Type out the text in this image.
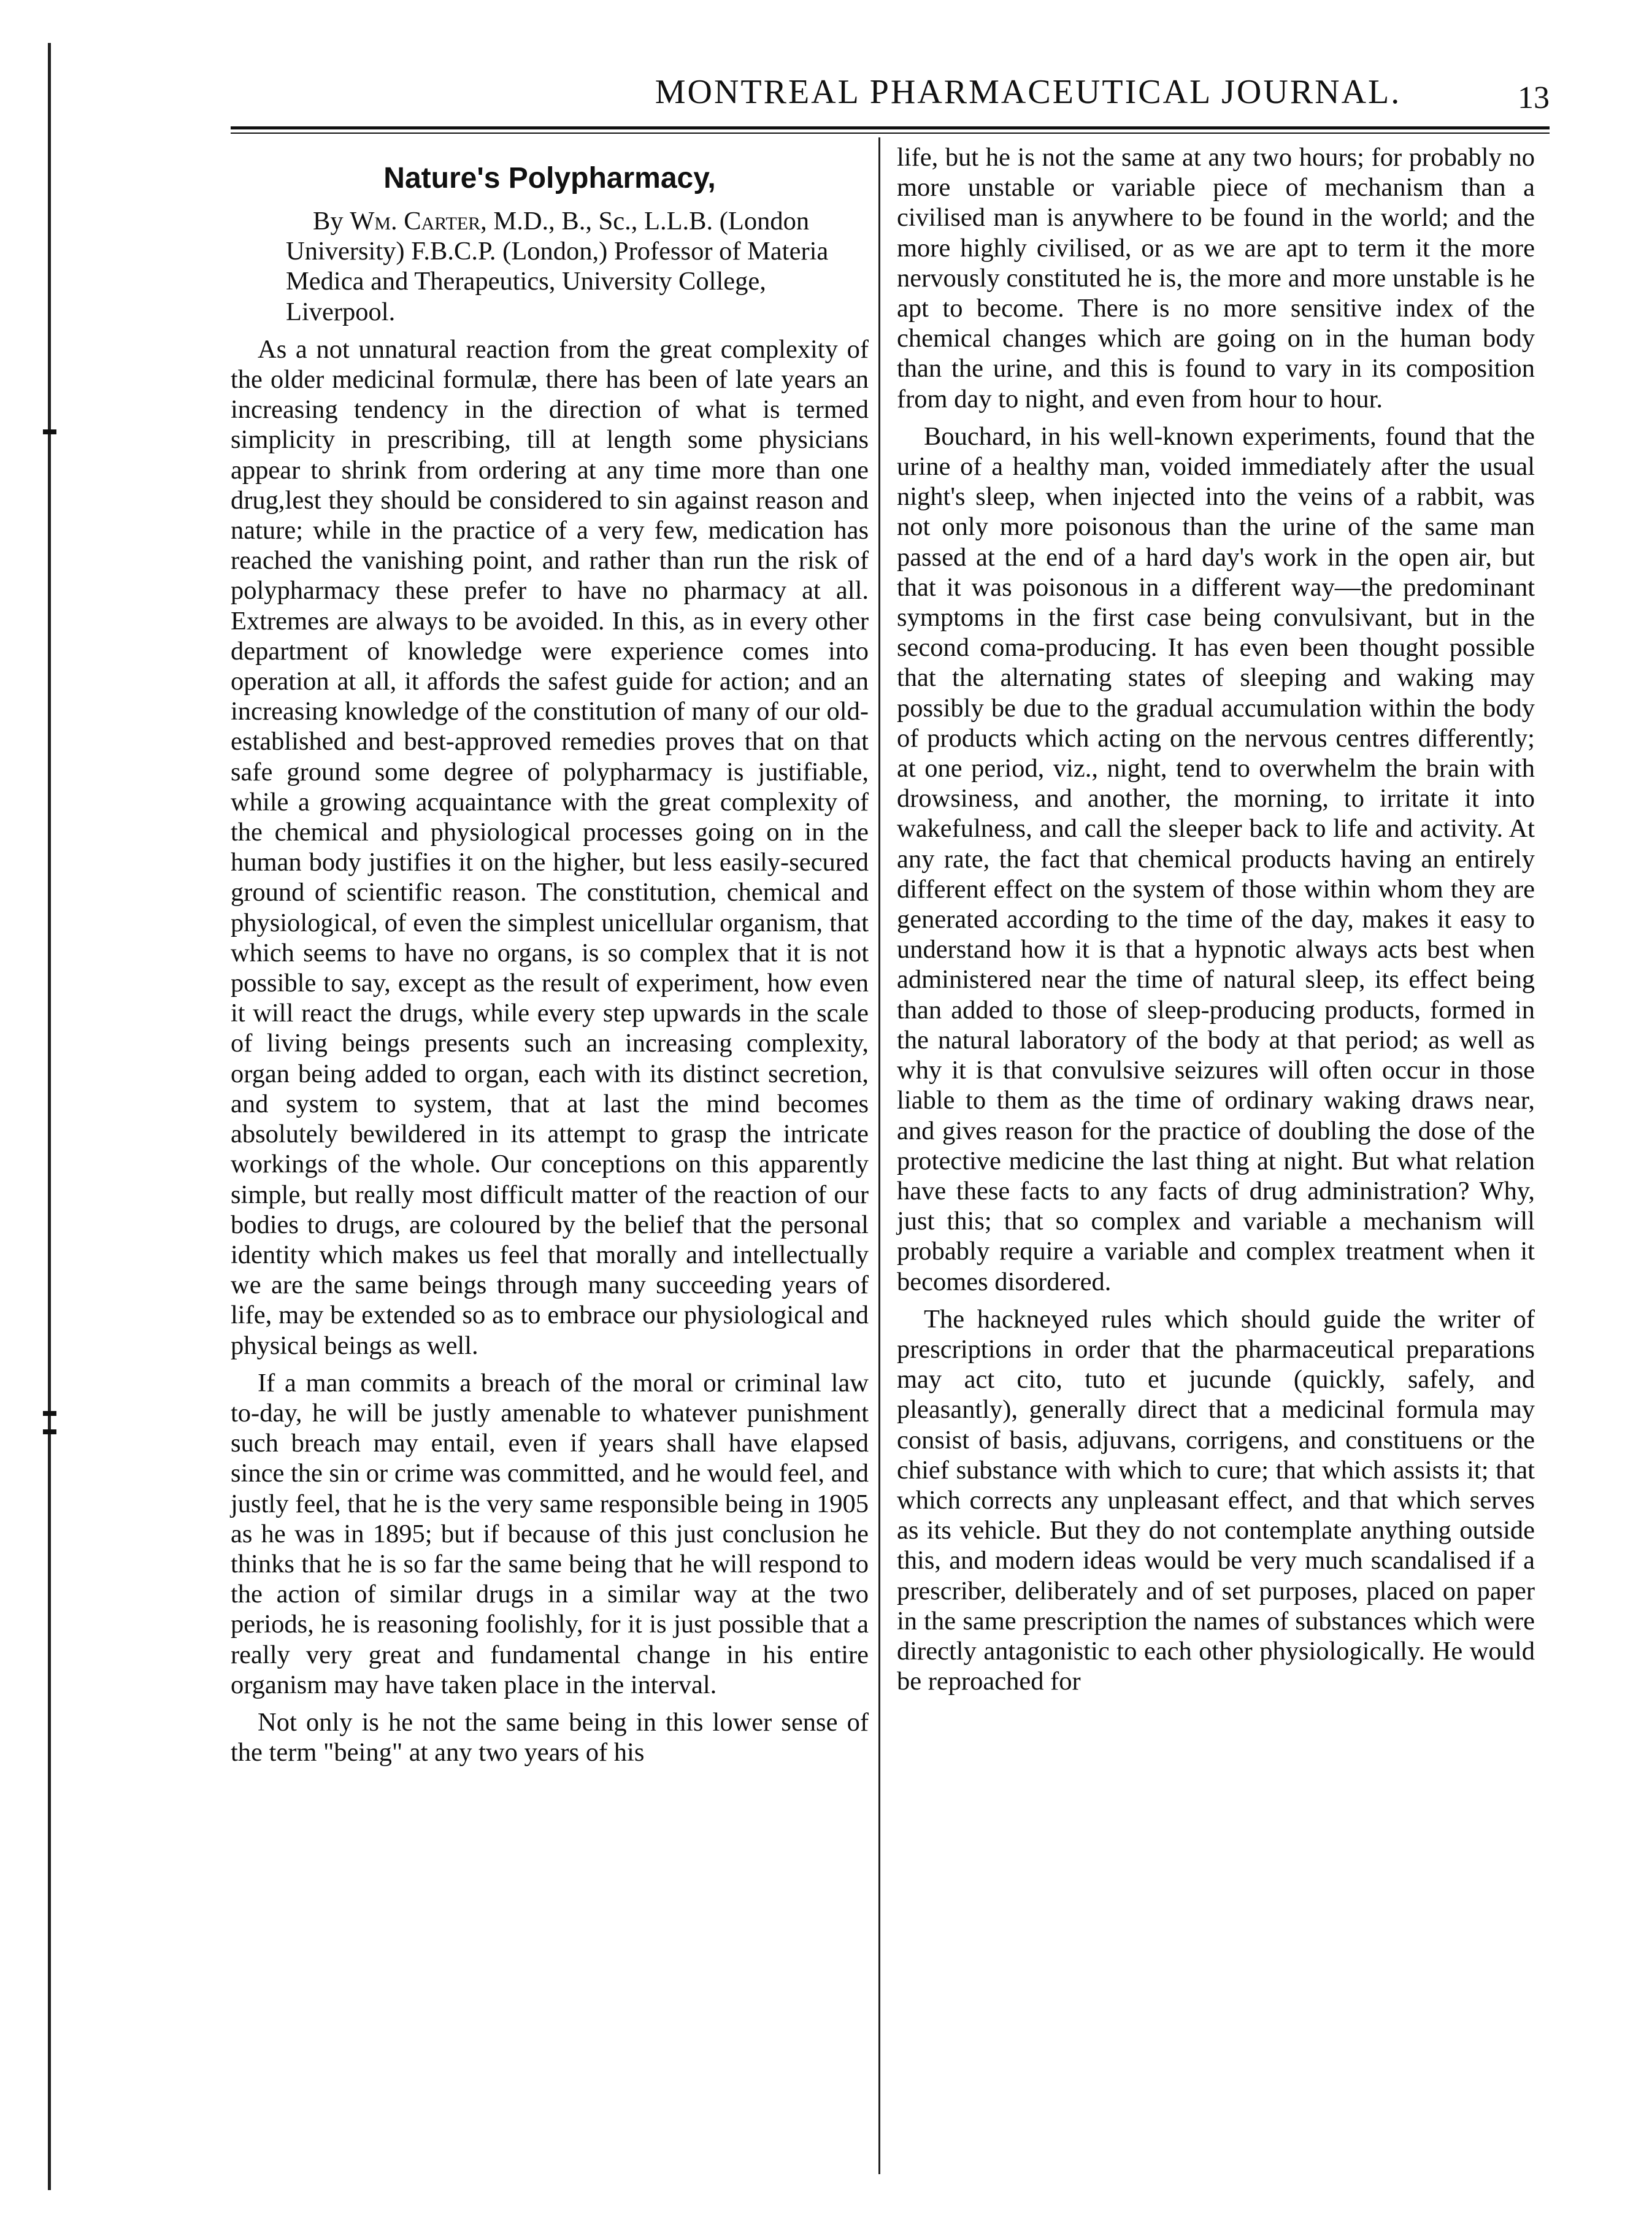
MONTREAL PHARMACEUTICAL JOURNAL.	13
Nature's Polypharmacy,

By Wm. Carter, M.D., B., Sc., L.L.B. (London University) F.B.C.P. (London,) Professor of Materia Medica and Therapeutics, University College, Liverpool.

As a not unnatural reaction from the great complexity of the older medicinal formulæ, there has been of late years an increasing tendency in the direction of what is termed simplicity in prescribing, till at length some physicians appear to shrink from ordering at any time more than one drug,lest they should be considered to sin against reason and nature; while in the practice of a very few, medication has reached the vanishing point, and rather than run the risk of polypharmacy these prefer to have no pharmacy at all. Extremes are always to be avoided. In this, as in every other department of knowledge were experience comes into operation at all, it affords the safest guide for action; and an increasing knowledge of the constitution of many of our old-established and best-approved remedies proves that on that safe ground some degree of polypharmacy is justifiable, while a growing acquaintance with the great complexity of the chemical and physiological processes going on in the human body justifies it on the higher, but less easily-secured ground of scientific reason. The constitution, chemical and physiological, of even the simplest unicellular organism, that which seems to have no organs, is so complex that it is not possible to say, except as the result of experiment, how even it will react the drugs, while every step upwards in the scale of living beings presents such an increasing complexity, organ being added to organ, each with its distinct secretion, and system to system, that at last the mind becomes absolutely bewildered in its attempt to grasp the intricate workings of the whole. Our conceptions on this apparently simple, but really most difficult matter of the reaction of our bodies to drugs, are coloured by the belief that the personal identity which makes us feel that morally and intellectually we are the same beings through many succeeding years of life, may be extended so as to embrace our physiological and physical beings as well.

If a man commits a breach of the moral or criminal law to-day, he will be justly amenable to whatever punishment such breach may entail, even if years shall have elapsed since the sin or crime was committed, and he would feel, and justly feel, that he is the very same responsible being in 1905 as he was in 1895; but if because of this just conclusion he thinks that he is so far the same being that he will respond to the action of similar drugs in a similar way at the two periods, he is reasoning foolishly, for it is just possible that a really very great and fundamental change in his entire organism may have taken place in the interval.

Not only is he not the same being in this lower sense of the term "being" at any two years of his

life, but he is not the same at any two hours; for probably no more unstable or variable piece of mechanism than a civilised man is anywhere to be found in the world; and the more highly civilised, or as we are apt to term it the more nervously constituted he is, the more and more unstable is he apt to become. There is no more sensitive index of the chemical changes which are going on in the human body than the urine, and this is found to vary in its composition from day to night, and even from hour to hour.

Bouchard, in his well-known experiments, found that the urine of a healthy man, voided immediately after the usual night's sleep, when injected into the veins of a rabbit, was not only more poisonous than the urine of the same man passed at the end of a hard day's work in the open air, but that it was poisonous in a different way—the predominant symptoms in the first case being convulsivant, but in the second coma-producing. It has even been thought possible that the alternating states of sleeping and waking may possibly be due to the gradual accumulation within the body of products which acting on the nervous centres differently; at one period, viz., night, tend to overwhelm the brain with drowsiness, and another, the morning, to irritate it into wakefulness, and call the sleeper back to life and activity. At any rate, the fact that chemical products having an entirely different effect on the system of those within whom they are generated according to the time of the day, makes it easy to understand how it is that a hypnotic always acts best when administered near the time of natural sleep, its effect being than added to those of sleep-producing products, formed in the natural laboratory of the body at that period; as well as why it is that convulsive seizures will often occur in those liable to them as the time of ordinary waking draws near, and gives reason for the practice of doubling the dose of the protective medicine the last thing at night. But what relation have these facts to any facts of drug administration? Why, just this; that so complex and variable a mechanism will probably require a variable and complex treatment when it becomes disordered.

The hackneyed rules which should guide the writer of prescriptions in order that the pharmaceutical preparations may act cito, tuto et jucunde (quickly, safely, and pleasantly), generally direct that a medicinal formula may consist of basis, adjuvans, corrigens, and constituens or the chief substance with which to cure; that which assists it; that which corrects any unpleasant effect, and that which serves as its vehicle. But they do not contemplate anything outside this, and modern ideas would be very much scandalised if a prescriber, deliberately and of set purposes, placed on paper in the same prescription the names of substances which were directly antagonistic to each other physiologically. He would be reproached for
